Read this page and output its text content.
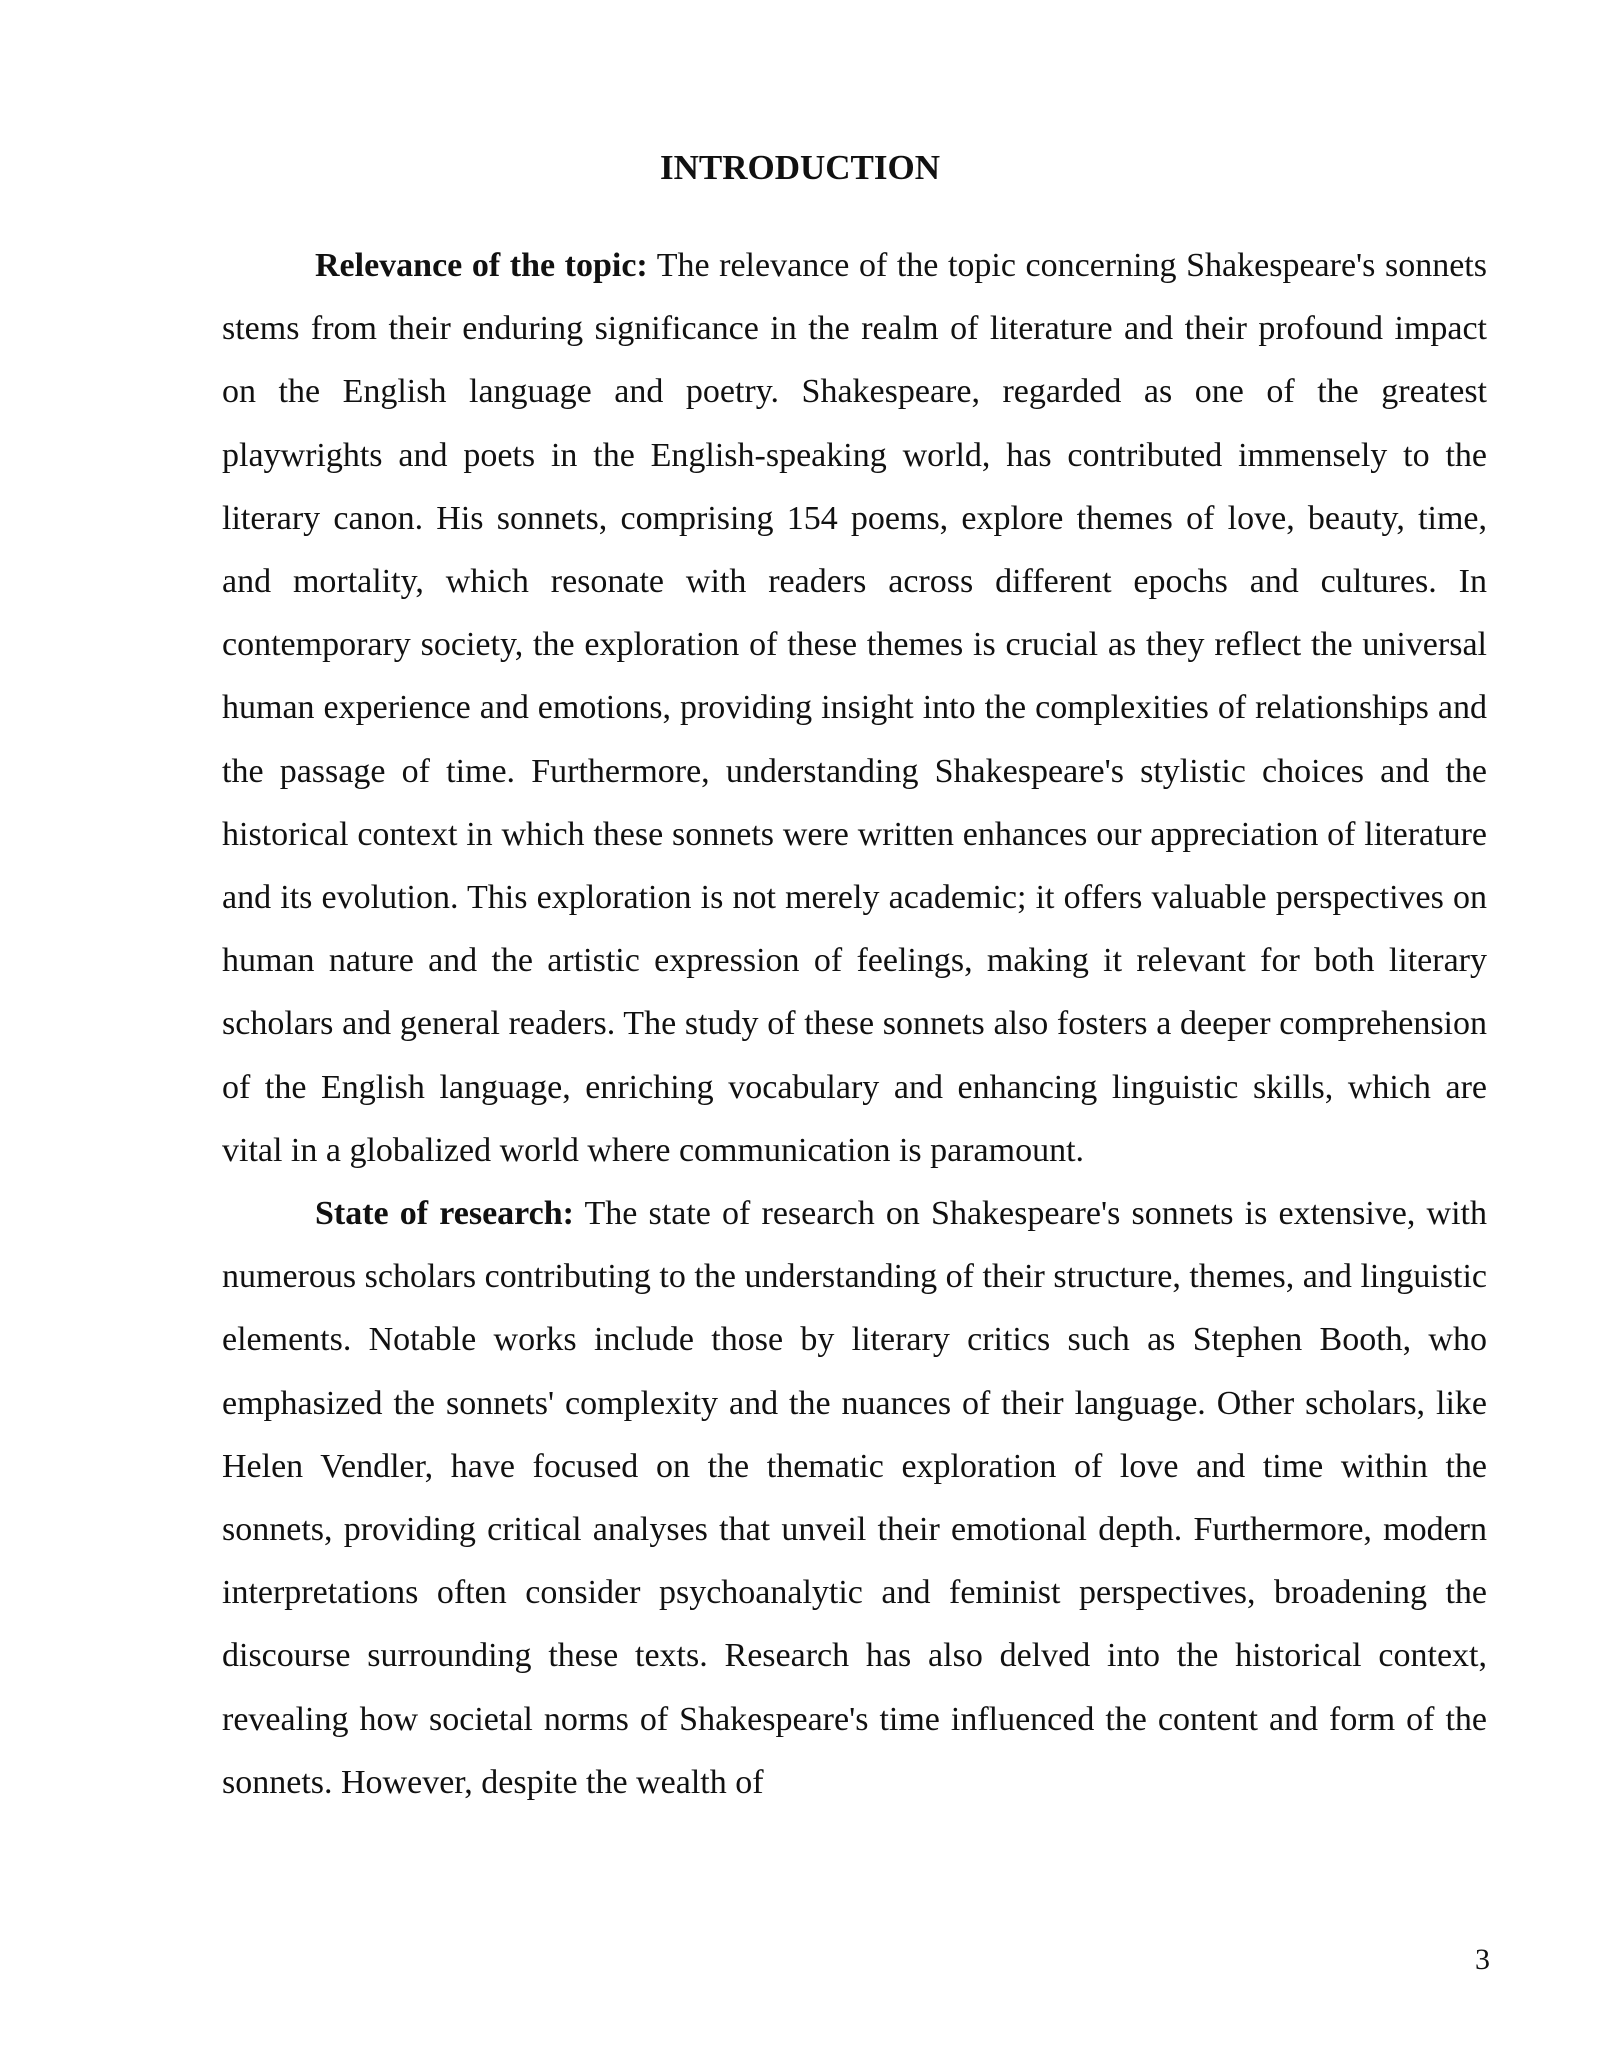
INTRODUCTION

Relevance of the topic: The relevance of the topic concerning Shakespeare's sonnets stems from their enduring significance in the realm of literature and their profound impact on the English language and poetry. Shakespeare, regarded as one of the greatest playwrights and poets in the English-speaking world, has contributed immensely to the literary canon. His sonnets, comprising 154 poems, explore themes of love, beauty, time, and mortality, which resonate with readers across different epochs and cultures. In contemporary society, the exploration of these themes is crucial as they reflect the universal human experience and emotions, providing insight into the complexities of relationships and the passage of time. Furthermore, understanding Shakespeare's stylistic choices and the historical context in which these sonnets were written enhances our appreciation of literature and its evolution. This exploration is not merely academic; it offers valuable perspectives on human nature and the artistic expression of feelings, making it relevant for both literary scholars and general readers. The study of these sonnets also fosters a deeper comprehension of the English language, enriching vocabulary and enhancing linguistic skills, which are vital in a globalized world where communication is paramount.

State of research: The state of research on Shakespeare's sonnets is extensive, with numerous scholars contributing to the understanding of their structure, themes, and linguistic elements. Notable works include those by literary critics such as Stephen Booth, who emphasized the sonnets' complexity and the nuances of their language. Other scholars, like Helen Vendler, have focused on the thematic exploration of love and time within the sonnets, providing critical analyses that unveil their emotional depth. Furthermore, modern interpretations often consider psychoanalytic and feminist perspectives, broadening the discourse surrounding these texts. Research has also delved into the historical context, revealing how societal norms of Shakespeare's time influenced the content and form of the sonnets. However, despite the wealth of

3
